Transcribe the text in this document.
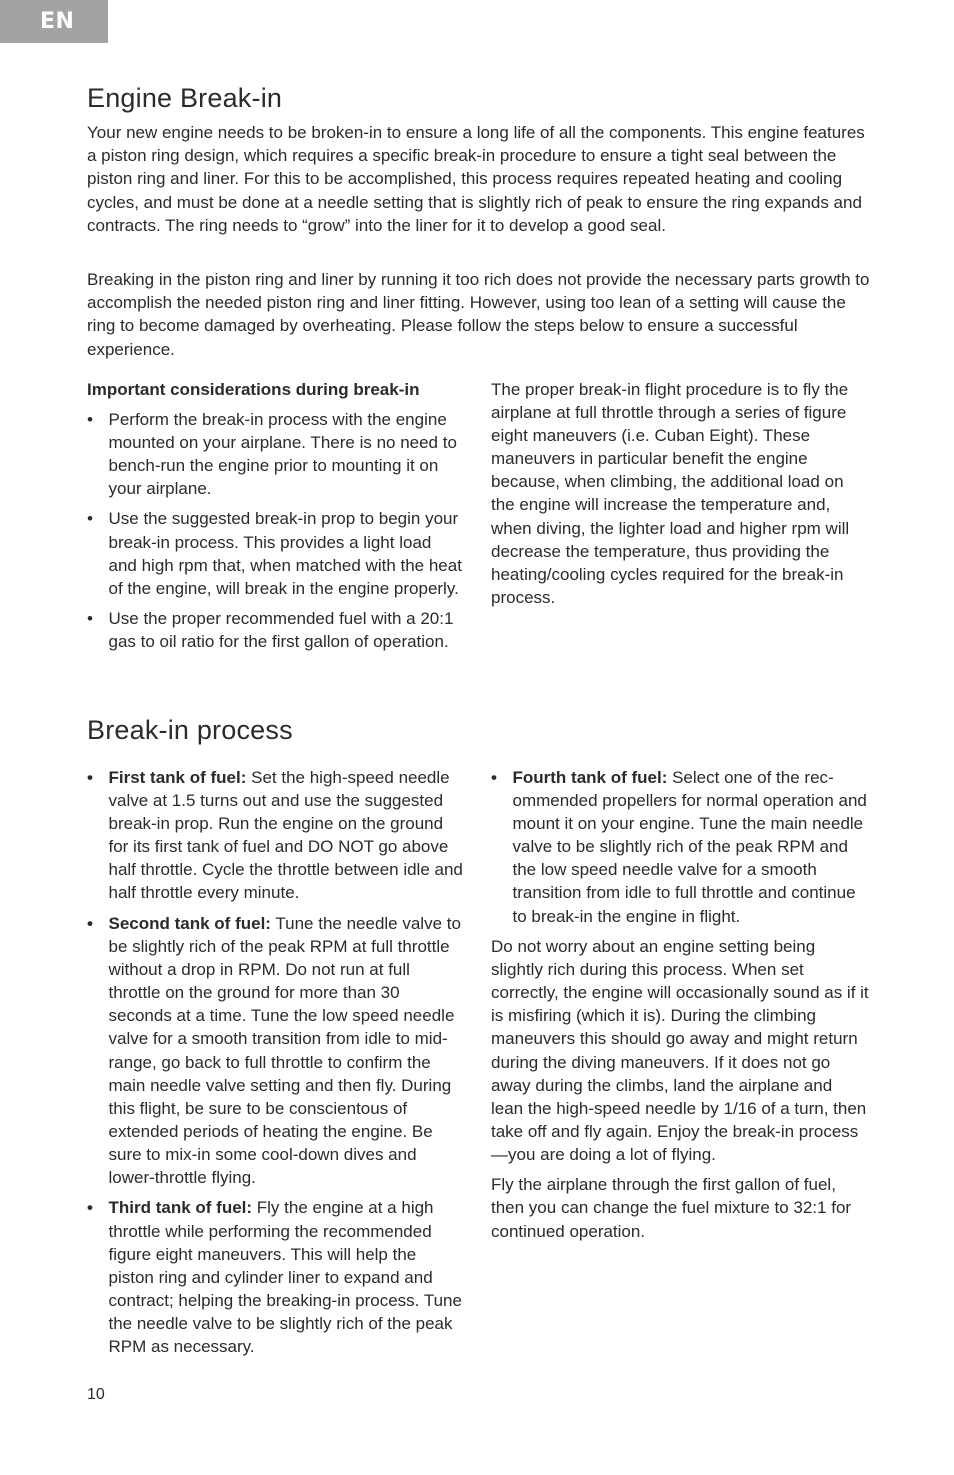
EN
Engine Break-in

Your new engine needs to be broken-in to ensure a long life of all the components. This engine features a piston ring design, which requires a specific break-in procedure to ensure a tight seal between the piston ring and liner. For this to be accomplished, this process requires repeated heating and cooling cycles, and must be done at a needle setting that is slightly rich of peak to ensure the ring expands and contracts. The ring needs to “grow” into the liner for it to develop a good seal.

Breaking in the piston ring and liner by running it too rich does not provide the necessary parts growth to accomplish the needed piston ring and liner fitting. However, using too lean of a setting will cause the ring to become damaged by overheating. Please follow the steps below to ensure a successful experience.

Important considerations during break-in
• Perform the break-in process with the engine mounted on your airplane. There is no need to bench-run the engine prior to mounting it on your airplane.
• Use the suggested break-in prop to begin your break-in process. This provides a light load and high rpm that, when matched with the heat of the engine, will break in the engine properly.
• Use the proper recommended fuel with a 20:1 gas to oil ratio for the first gallon of operation.

The proper break-in flight procedure is to fly the airplane at full throttle through a series of figure eight maneuvers (i.e. Cuban Eight). These maneuvers in particular benefit the engine because, when climbing, the additional load on the engine will increase the temperature and, when diving, the lighter load and higher rpm will decrease the temperature, thus providing the heating/cooling cycles required for the break-in process.

Break-in process
• First tank of fuel: Set the high-speed needle valve at 1.5 turns out and use the suggested break-in prop. Run the engine on the ground for its first tank of fuel and DO NOT go above half throttle. Cycle the throttle between idle and half throttle every minute.
• Second tank of fuel: Tune the needle valve to be slightly rich of the peak RPM at full throttle without a drop in RPM. Do not run at full throttle on the ground for more than 30 seconds at a time. Tune the low speed needle valve for a smooth transition from idle to mid-range, go back to full throttle to confirm the main needle valve setting and then fly. During this flight, be sure to be conscientous of extended periods of heating the engine. Be sure to mix-in some cool-down dives and lower-throttle flying.
• Third tank of fuel: Fly the engine at a high throttle while performing the recommended figure eight maneuvers. This will help the piston ring and cylinder liner to expand and contract; helping the breaking-in process. Tune the needle valve to be slightly rich of the peak RPM as necessary.
• Fourth tank of fuel: Select one of the recommended propellers for normal operation and mount it on your engine. Tune the main needle valve to be slightly rich of the peak RPM and the low speed needle valve for a smooth transition from idle to full throttle and continue to break-in the engine in flight.

Do not worry about an engine setting being slightly rich during this process. When set correctly, the engine will occasionally sound as if it is misfiring (which it is). During the climbing maneuvers this should go away and might return during the diving maneuvers. If it does not go away during the climbs, land the airplane and lean the high-speed needle by 1/16 of a turn, then take off and fly again. Enjoy the break-in process—you are doing a lot of flying.

Fly the airplane through the first gallon of fuel, then you can change the fuel mixture to 32:1 for continued operation.

10
